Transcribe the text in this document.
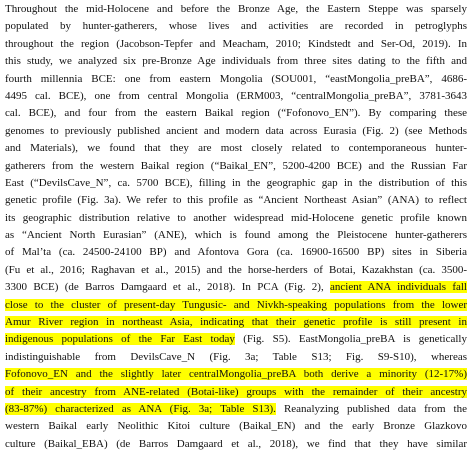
Throughout the mid-Holocene and before the Bronze Age, the Eastern Steppe was sparsely
populated by hunter-gatherers, whose lives and activities are recorded in petroglyphs
throughout the region (Jacobson-Tepfer and Meacham, 2010; Kindstedt and Ser-Od, 2019). In
this study, we analyzed six pre-Bronze Age individuals from three sites dating to the fifth and
fourth millennia BCE: one from eastern Mongolia (SOU001, “eastMongolia_preBA”, 4686-
4495 cal. BCE), one from central Mongolia (ERM003, “centralMongolia_preBA”, 3781-3643
cal. BCE), and four from the eastern Baikal region (“Fofonovo_EN”). By comparing these
genomes to previously published ancient and modern data across Eurasia (Fig. 2) (see Methods
and Materials), we found that they are most closely related to contemporaneous hunter-
gatherers from the western Baikal region (“Baikal_EN”, 5200-4200 BCE) and the Russian Far
East (“DevilsCave_N”, ca. 5700 BCE), filling in the geographic gap in the distribution of this
genetic profile (Fig. 3a). We refer to this profile as “Ancient Northeast Asian” (ANA) to reflect
its geographic distribution relative to another widespread mid-Holocene genetic profile known
as “Ancient North Eurasian” (ANE), which is found among the Pleistocene hunter-gatherers
of Mal’ta (ca. 24500-24100 BP) and Afontova Gora (ca. 16900-16500 BP) sites in Siberia
(Fu et al., 2016; Raghavan et al., 2015) and the horse-herders of Botai, Kazakhstan (ca. 3500-
3300 BCE) (de Barros Damgaard et al., 2018). In PCA (Fig. 2), ancient ANA individuals fall
close to the cluster of present-day Tungusic- and Nivkh-speaking populations from the lower
Amur River region in northeast Asia, indicating that their genetic profile is still present in
indigenous populations of the Far East today (Fig. S5). EastMongolia_preBA is genetically
indistinguishable from DevilsCave_N (Fig. 3a; Table S13; Fig. S9-S10), whereas
Fofonovo_EN and the slightly later centralMongolia_preBA both derive a minority (12-17%)
of their ancestry from ANE-related (Botai-like) groups with the remainder of their ancestry
(83-87%) characterized as ANA (Fig. 3a; Table S13). Reanalyzing published data from the
western Baikal early Neolithic Kitoi culture (Baikal_EN) and the early Bronze Glazkovo
culture (Baikal_EBA) (de Barros Damgaard et al., 2018), we find that they have similar
